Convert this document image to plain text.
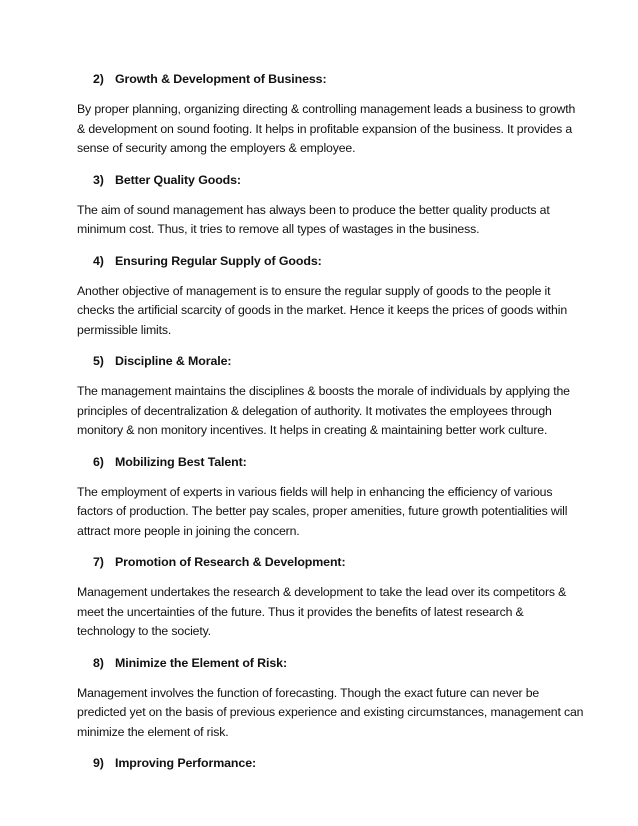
2) Growth & Development of Business:
By proper planning, organizing directing & controlling management leads a business to growth
& development on sound footing. It helps in profitable expansion of the business. It provides a
sense of security among the employers & employee.
3) Better Quality Goods:
The aim of sound management has always been to produce the better quality products at
minimum cost. Thus, it tries to remove all types of wastages in the business.
4) Ensuring Regular Supply of Goods:
Another objective of management is to ensure the regular supply of goods to the people it
checks the artificial scarcity of goods in the market. Hence it keeps the prices of goods within
permissible limits.
5) Discipline & Morale:
The management maintains the disciplines & boosts the morale of individuals by applying the
principles of decentralization & delegation of authority. It motivates the employees through
monitory & non monitory incentives. It helps in creating & maintaining better work culture.
6) Mobilizing Best Talent:
The employment of experts in various fields will help in enhancing the efficiency of various
factors of production. The better pay scales, proper amenities, future growth potentialities will
attract more people in joining the concern.
7) Promotion of Research & Development:
Management undertakes the research & development to take the lead over its competitors &
meet the uncertainties of the future. Thus it provides the benefits of latest research &
technology to the society.
8) Minimize the Element of Risk:
Management involves the function of forecasting. Though the exact future can never be
predicted yet on the basis of previous experience and existing circumstances, management can
minimize the element of risk.
9) Improving Performance:
